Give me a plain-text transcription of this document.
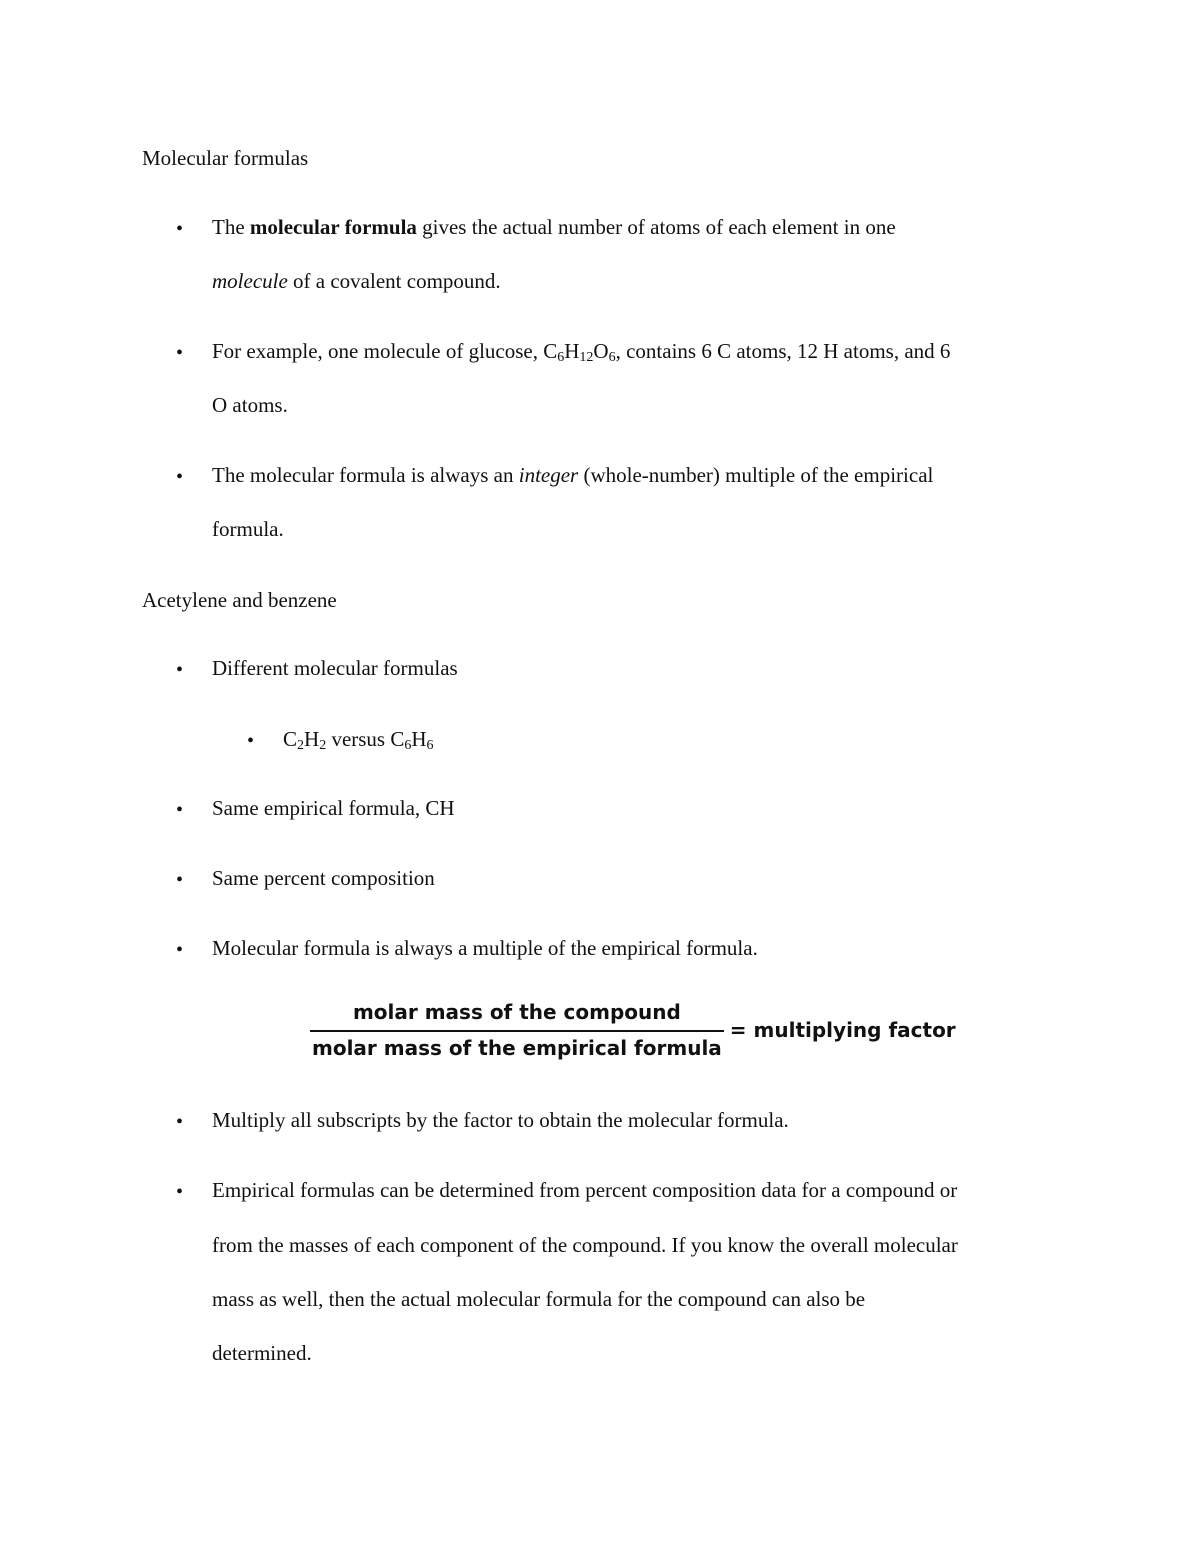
Molecular formulas
• The molecular formula gives the actual number of atoms of each element in one
molecule of a covalent compound.
• For example, one molecule of glucose, $C_6H_{12}O_6$, contains 6 C atoms, 12 H atoms, and 6
O atoms.
• The molecular formula is always an integer (whole-number) multiple of the empirical
formula.
Acetylene and benzene
• Different molecular formulas
• $C_2H_2$ versus $C_6H_6$
• Same empirical formula, CH
• Same percent composition
• Molecular formula is always a multiple of the empirical formula.
$\frac{\text{molar mass of the compound}}{\text{molar mass of the empirical formula}}$ = multiplying factor
• Multiply all subscripts by the factor to obtain the molecular formula.
• Empirical formulas can be determined from percent composition data for a compound or
from the masses of each component of the compound. If you know the overall molecular
mass as well, then the actual molecular formula for the compound can also be
determined.
